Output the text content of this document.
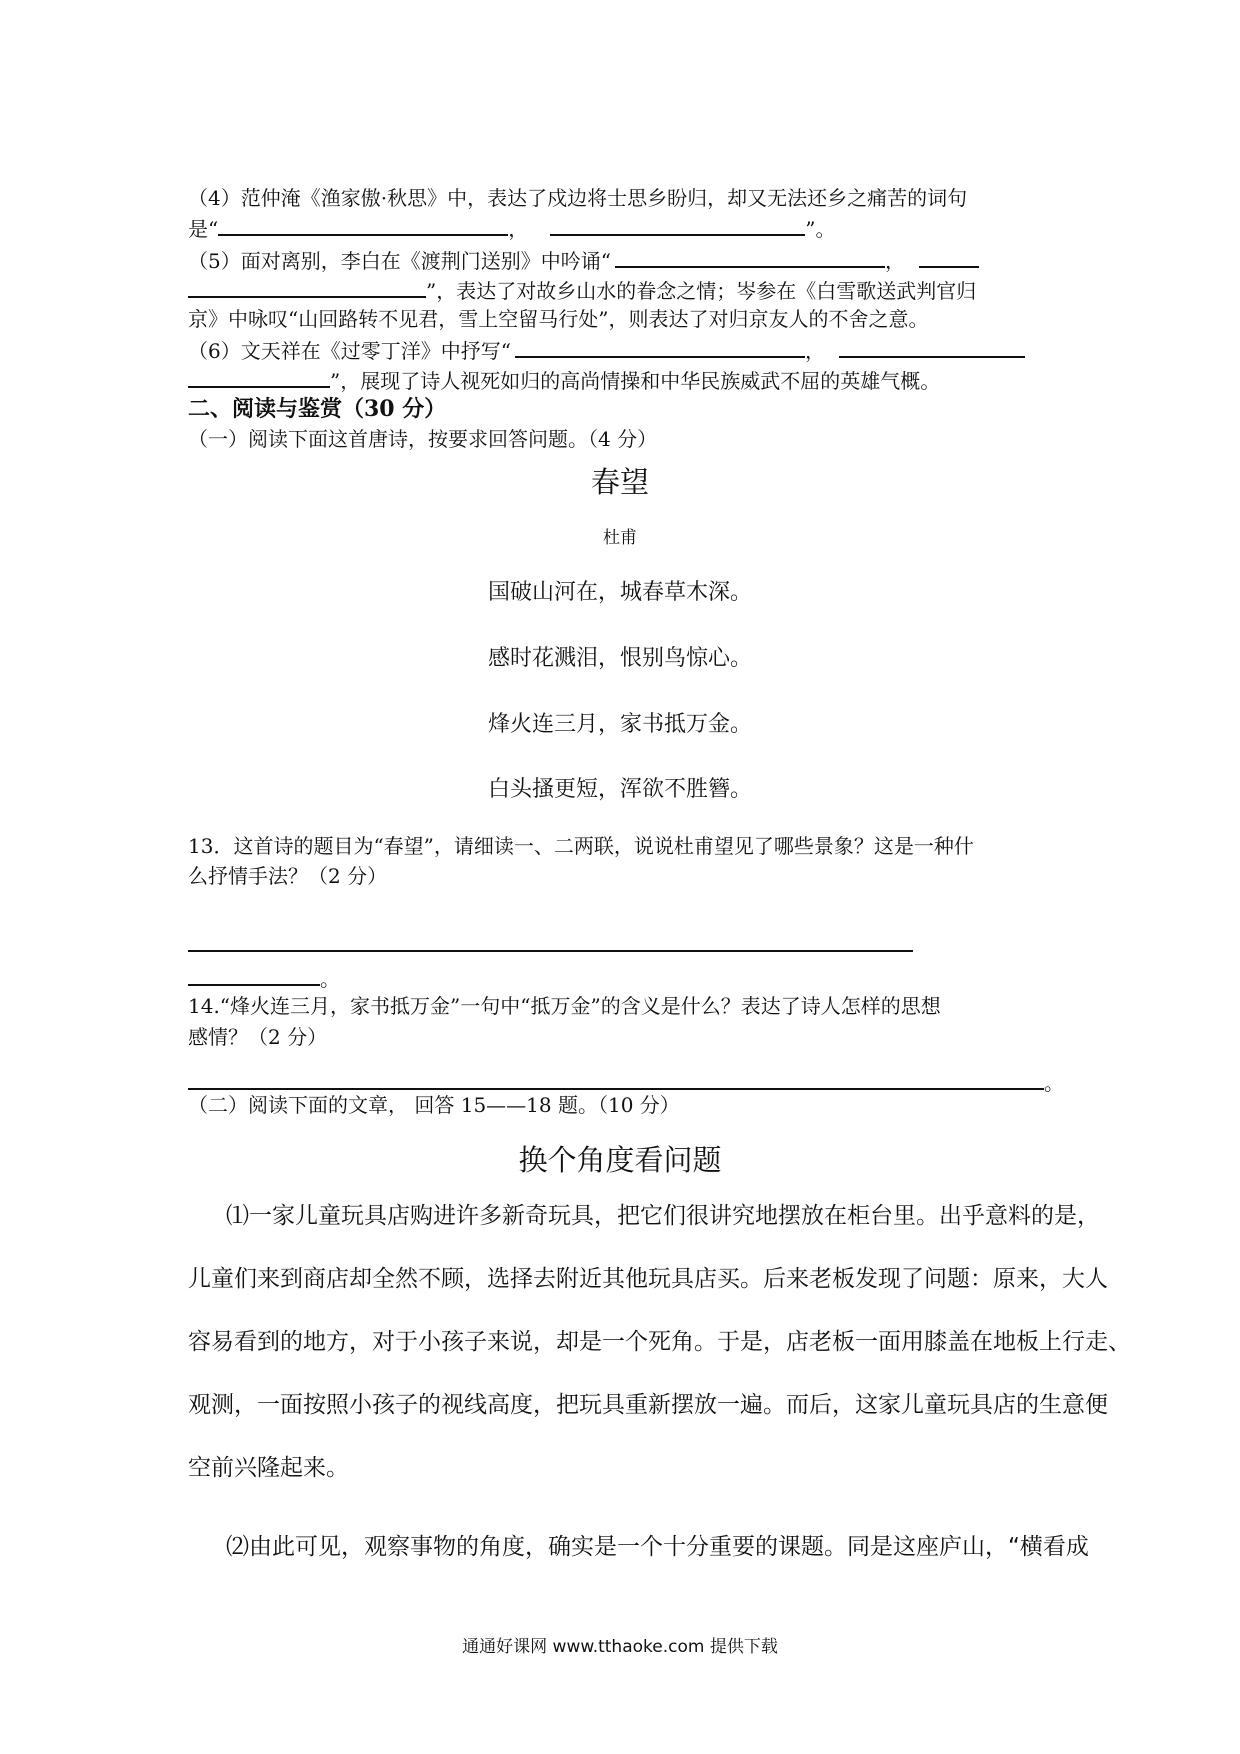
（4）范仲淹《渔家傲·秋思》中，表达了戍边将士思乡盼归，却又无法还乡之痛苦的词句
是“	，	”。
（5）面对离别，李白在《渡荆门送别》中吟诵“	，
”，表达了对故乡山水的眷念之情；岑参在《白雪歌送武判官归
京》中咏叹“山回路转不见君，雪上空留马行处”，则表达了对归京友人的不舍之意。
（6）文天祥在《过零丁洋》中抒写“	，
”，展现了诗人视死如归的高尚情操和中华民族威武不屈的英雄气概。
二、阅读与鉴赏（30 分）
（一）阅读下面这首唐诗，按要求回答问题。（4 分）
春望
杜甫
国破山河在，城春草木深。
感时花溅泪，恨别鸟惊心。
烽火连三月，家书抵万金。
白头搔更短，浑欲不胜簪。
13．这首诗的题目为“春望”，请细读一、二两联，说说杜甫望见了哪些景象？这是一种什
么抒情手法？（2 分）
。
14.“烽火连三月，家书抵万金”一句中“抵万金”的含义是什么？表达了诗人怎样的思想
感情？（2 分）
。
（二）阅读下面的文章， 回答 15——18 题。（10 分）
换个角度看问题
⑴一家儿童玩具店购进许多新奇玩具，把它们很讲究地摆放在柜台里。出乎意料的是，
儿童们来到商店却全然不顾，选择去附近其他玩具店买。后来老板发现了问题：原来，大人
容易看到的地方，对于小孩子来说，却是一个死角。于是，店老板一面用膝盖在地板上行走、
观测，一面按照小孩子的视线高度，把玩具重新摆放一遍。而后，这家儿童玩具店的生意便
空前兴隆起来。
⑵由此可见，观察事物的角度，确实是一个十分重要的课题。同是这座庐山，“横看成
通通好课网 www.tthaoke.com 提供下载
